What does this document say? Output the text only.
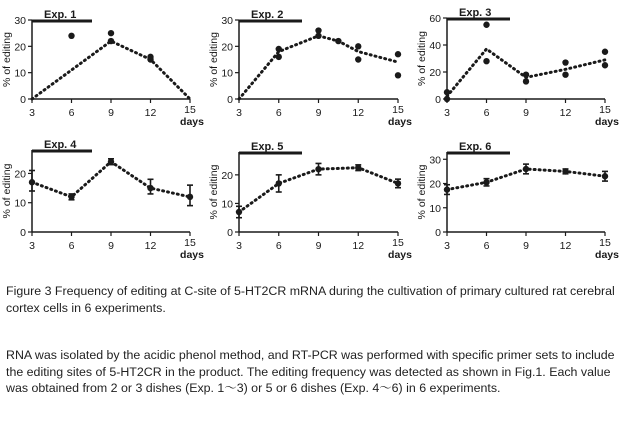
Exp. 1
0
10
20
30
3	6	9	12	15
% of editing
days
Exp. 2
0
10
20
30
3	6	9	12	15
% of editing
days
Exp. 3
0
20
40
60
3	6	9	12	15
% of editing
days
Exp. 4
0
10
20
3	6	9	12	15
% of editing
days
Exp. 5
0
10
20
3	6	9	12	15
% of editing
days
Exp. 6
0
10
20
30
3	6	9	12	15
% of editing
days

Figure 3 Frequency of editing at C-site of 5-HT2CR mRNA during the cultivation of primary cultured rat cerebral cortex cells in 6 experiments.

RNA was isolated by the acidic phenol method, and RT-PCR was performed with specific primer sets to include the editing sites of 5-HT2CR in the product. The editing frequency was detected as shown in Fig.1. Each value was obtained from 2 or 3 dishes (Exp. 1～3) or 5 or 6 dishes (Exp. 4～6) in 6 experiments.
